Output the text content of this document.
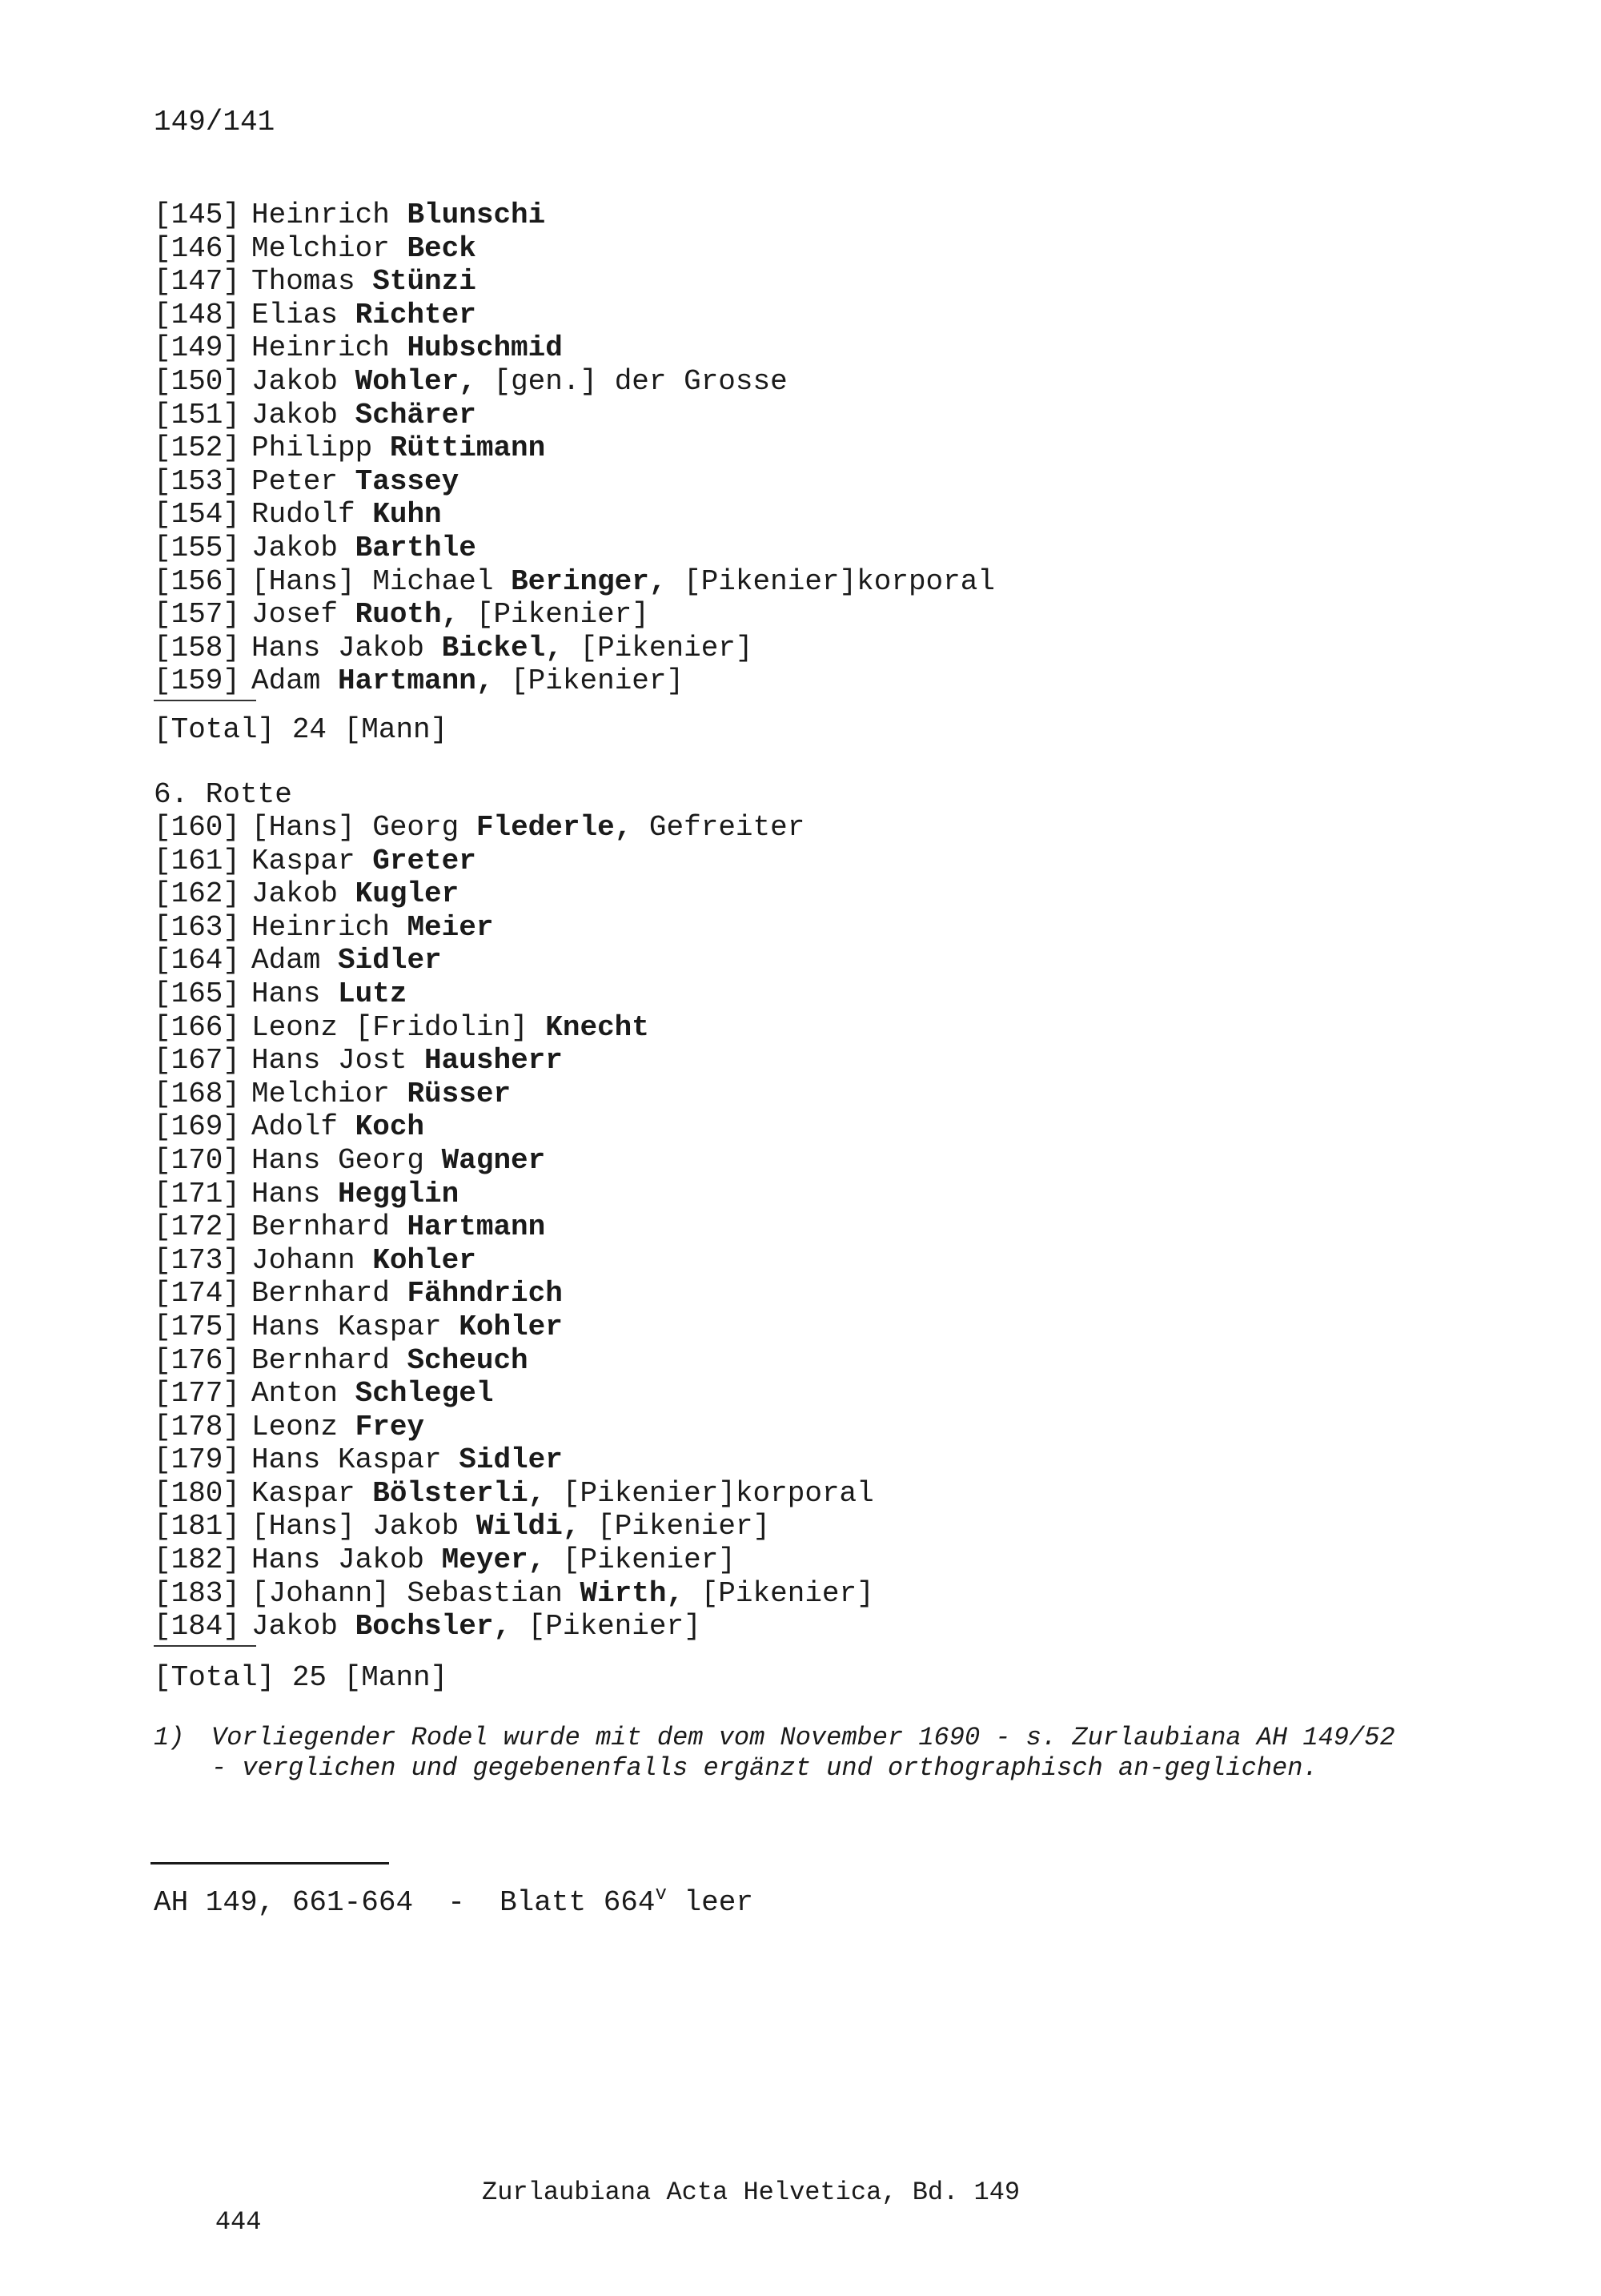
149/141
[145] Heinrich Blunschi
[146] Melchior Beck
[147] Thomas Stünzi
[148] Elias Richter
[149] Heinrich Hubschmid
[150] Jakob Wohler, [gen.] der Grosse
[151] Jakob Schärer
[152] Philipp Rüttimann
[153] Peter Tassey
[154] Rudolf Kuhn
[155] Jakob Barthle
[156] [Hans] Michael Beringer, [Pikenier]korporal
[157] Josef Ruoth, [Pikenier]
[158] Hans Jakob Bickel, [Pikenier]
[159] Adam Hartmann, [Pikenier]
[Total] 24 [Mann]
6. Rotte
[160] [Hans] Georg Flederle, Gefreiter
[161] Kaspar Greter
[162] Jakob Kugler
[163] Heinrich Meier
[164] Adam Sidler
[165] Hans Lutz
[166] Leonz [Fridolin] Knecht
[167] Hans Jost Hausherr
[168] Melchior Rüsser
[169] Adolf Koch
[170] Hans Georg Wagner
[171] Hans Hegglin
[172] Bernhard Hartmann
[173] Johann Kohler
[174] Bernhard Fähndrich
[175] Hans Kaspar Kohler
[176] Bernhard Scheuch
[177] Anton Schlegel
[178] Leonz Frey
[179] Hans Kaspar Sidler
[180] Kaspar Bölsterli, [Pikenier]korporal
[181] [Hans] Jakob Wildi, [Pikenier]
[182] Hans Jakob Meyer, [Pikenier]
[183] [Johann] Sebastian Wirth, [Pikenier]
[184] Jakob Bochsler, [Pikenier]
[Total] 25 [Mann]
1) Vorliegender Rodel wurde mit dem vom November 1690 - s. Zurlaubiana AH 149/52 - verglichen und gegebenenfalls ergänzt und orthographisch an-geglichen.
AH 149, 661-664  -  Blatt 664$^v$ leer

444

Zurlaubiana Acta Helvetica, Bd. 149
